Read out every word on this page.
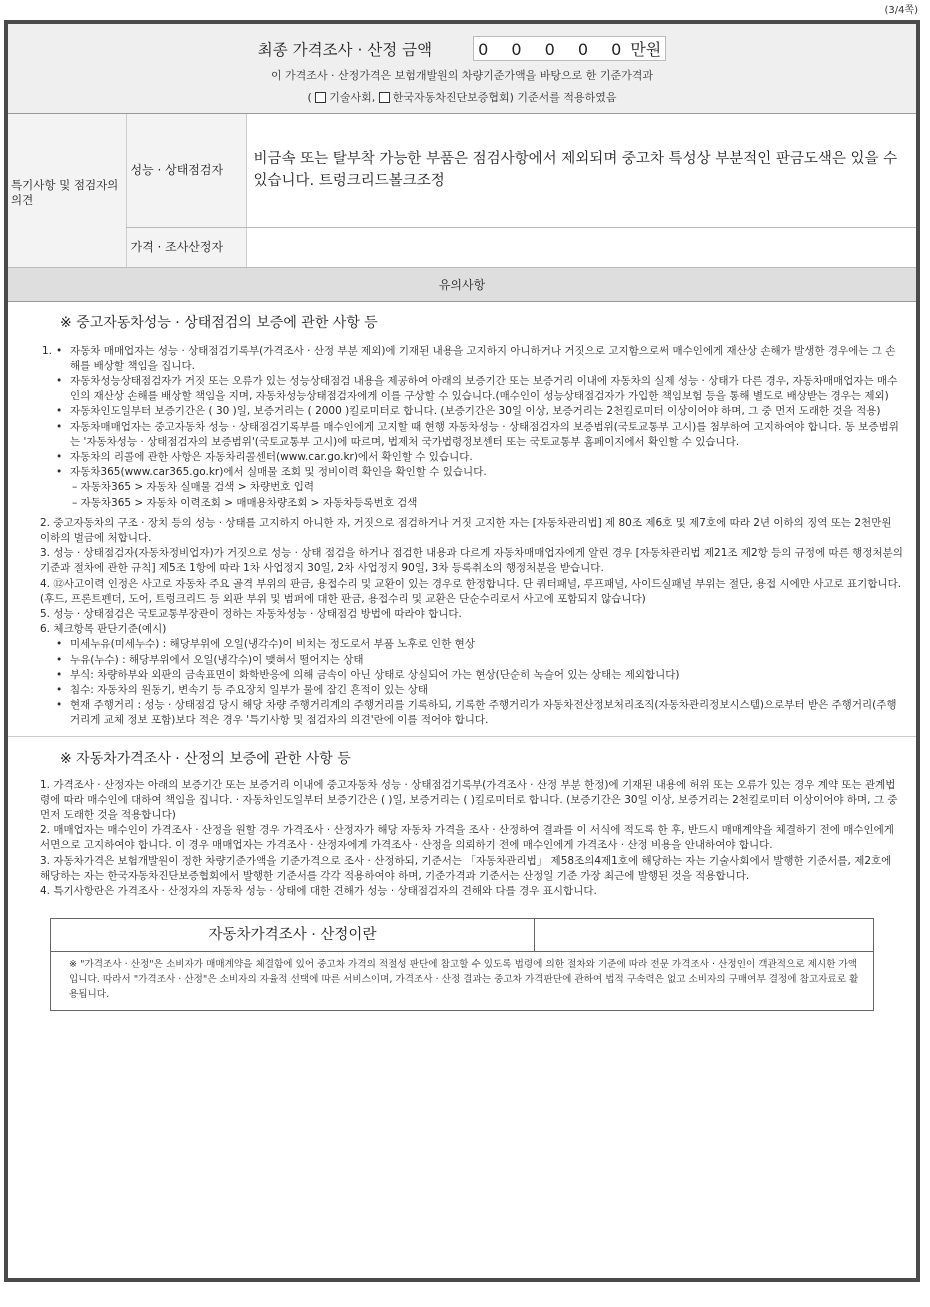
(3/4쪽)
최종 가격조사 · 산정 금액	0 0 0 0 0만원
이 가격조사 · 산정가격은 보험개발원의 차량기준가액을 바탕으로 한 기준가격과
( 기술사회, 한국자동차진단보증협회) 기준서를 적용하였음
특기사항 및 점검자의 의견	성능 · 상태점검자	비금속 또는 탈부착 가능한 부품은 점검사항에서 제외되며 중고차 특성상 부분적인 판금도색은 있을 수 있습니다. 트렁크리드볼크조정
	가격 · 조사산정자	
유의사항
※ 중고자동차성능 · 상태점검의 보증에 관한 사항 등
1.	• 자동차 매매업자는 성능 · 상태점검기록부(가격조사 · 산정 부분 제외)에 기재된 내용을 고지하지 아니하거나 거짓으로 고지함으로써 매수인에게 재산상 손해가 발생한 경우에는 그 손해를 배상할 책임을 집니다.
• 자동차성능상태점검자가 거짓 또는 오류가 있는 성능상태점검 내용을 제공하여 아래의 보증기간 또는 보증거리 이내에 자동차의 실제 성능 · 상태가 다른 경우, 자동차매매업자는 매수인의 재산상 손해를 배상할 책임을 지며, 자동차성능상태점검자에게 이를 구상할 수 있습니다.(매수인이 성능상태점검자가 가입한 책임보험 등을 통해 별도로 배상받는 경우는 제외)
• 자동차인도일부터 보증기간은 ( 30 )일, 보증거리는 ( 2000 )킬로미터로 합니다. (보증기간은 30일 이상, 보증거리는 2천킬로미터 이상이어야 하며, 그 중 먼저 도래한 것을 적용)
• 자동차매매업자는 중고자동차 성능 · 상태점검기록부를 매수인에게 고지할 때 현행 자동차성능 · 상태점검자의 보증범위(국토교통부 고시)를 첨부하여 고지하여야 합니다. 동 보증범위는 '자동차성능 · 상태점검자의 보증범위'(국토교통부 고시)에 따르며, 법제처 국가법령정보센터 또는 국토교통부 홈페이지에서 확인할 수 있습니다.
• 자동차의 리콜에 관한 사항은 자동차리콜센터(www.car.go.kr)에서 확인할 수 있습니다.
• 자동차365(www.car365.go.kr)에서 실매물 조회 및 정비이력 확인을 확인할 수 있습니다.
– 자동차365 > 자동차 실매물 검색 > 차량번호 입력
– 자동차365 > 자동차 이력조회 > 매매용차량조회 > 자동차등록번호 검색
2. 중고자동차의 구조 · 장치 등의 성능 · 상태를 고지하지 아니한 자, 거짓으로 점검하거나 거짓 고지한 자는 [자동차관리법] 제 80조 제6호 및 제7호에 따라 2년 이하의 징역 또는 2천만원 이하의 벌금에 처합니다.
3. 성능 · 상태점검자(자동차정비업자)가 거짓으로 성능 · 상태 점검을 하거나 점검한 내용과 다르게 자동차매매업자에게 알린 경우 [자동차관리법 제21조 제2항 등의 규정에 따른 행정처분의 기준과 절차에 관한 규칙] 제5조 1항에 따라 1차 사업정지 30일, 2차 사업정지 90일, 3차 등록취소의 행정처분을 받습니다.
4. ⑫사고이력 인정은 사고로 자동차 주요 골격 부위의 판금, 용접수리 및 교환이 있는 경우로 한정합니다. 단 쿼터패널, 루프패널, 사이드실패널 부위는 절단, 용접 시에만 사고로 표기합니다. (후드, 프론트펜더, 도어, 트렁크리드 등 외판 부위 및 범퍼에 대한 판금, 용접수리 및 교환은 단순수리로서 사고에 포함되지 않습니다)
5. 성능 · 상태점검은 국토교통부장관이 정하는 자동차성능 · 상태점검 방법에 따라야 합니다.
6. 체크항목 판단기준(예시)
• 미세누유(미세누수) : 해당부위에 오일(냉각수)이 비치는 정도로서 부품 노후로 인한 현상
• 누유(누수) : 해당부위에서 오일(냉각수)이 맺혀서 떨어지는 상태
• 부식: 차량하부와 외판의 금속표면이 화학반응에 의해 금속이 아닌 상태로 상실되어 가는 현상(단순히 녹슬어 있는 상태는 제외합니다)
• 침수: 자동차의 원동기, 변속기 등 주요장치 일부가 물에 잠긴 흔적이 있는 상태
• 현재 주행거리 : 성능 · 상태점검 당시 해당 차량 주행거리계의 주행거리를 기록하되, 기록한 주행거리가 자동차전산정보처리조직(자동차관리정보시스템)으로부터 받은 주행거리(주행거리게 교체 정보 포함)보다 적은 경우 '특기사항 및 점검자의 의견'란에 이를 적어야 합니다.
※ 자동차가격조사 · 산정의 보증에 관한 사항 등
1. 가격조사 · 산정자는 아래의 보증기간 또는 보증거리 이내에 중고자동차 성능 · 상태점검기록부(가격조사 · 산정 부분 한정)에 기재된 내용에 허위 또는 오류가 있는 경우 계약 또는 관계법령에 따라 매수인에 대하여 책임을 집니다. · 자동차인도일부터 보증기간은 ( )일, 보증거리는 ( )킬로미터로 합니다. (보증기간은 30일 이상, 보증거리는 2천킬로미터 이상이어야 하며, 그 중 먼저 도래한 것을 적용합니다)
2. 매매업자는 매수인이 가격조사 · 산정을 원할 경우 가격조사 · 산정자가 해당 자동차 가격을 조사 · 산정하여 결과를 이 서식에 적도록 한 후, 반드시 매매계약을 체결하기 전에 매수인에게 서면으로 고지하여야 합니다. 이 경우 매매업자는 가격조사 · 산정자에게 가격조사 · 산정을 의뢰하기 전에 매수인에게 가격조사 · 산정 비용을 안내하여야 합니다.
3. 자동차가격은 보험개발원이 정한 차량기준가액을 기준가격으로 조사 · 산정하되, 기준서는 「자동차관리법」 제58조의4제1호에 해당하는 자는 기술사회에서 발행한 기준서를, 제2호에 해당하는 자는 한국자동차진단보증협회에서 발행한 기준서를 각각 적용하여야 하며, 기준가격과 기준서는 산정일 기준 가장 최근에 발행된 것을 적용합니다.
4. 특기사항란은 가격조사 · 산정자의 자동차 성능 · 상태에 대한 견해가 성능 · 상태점검자의 견해와 다를 경우 표시합니다.
자동차가격조사 · 산정이란
※ "가격조사 · 산정"은 소비자가 매매계약을 체결함에 있어 중고차 가격의 적절성 판단에 참고할 수 있도록 법령에 의한 절차와 기준에 따라 전문 가격조사 · 산정인이 객관적으로 제시한 가액입니다. 따라서 "가격조사 · 산정"은 소비자의 자율적 선택에 따른 서비스이며, 가격조사 · 산정 결과는 중고차 가격판단에 관하여 법적 구속력은 없고 소비자의 구매여부 결정에 참고자료로 활용됩니다.
